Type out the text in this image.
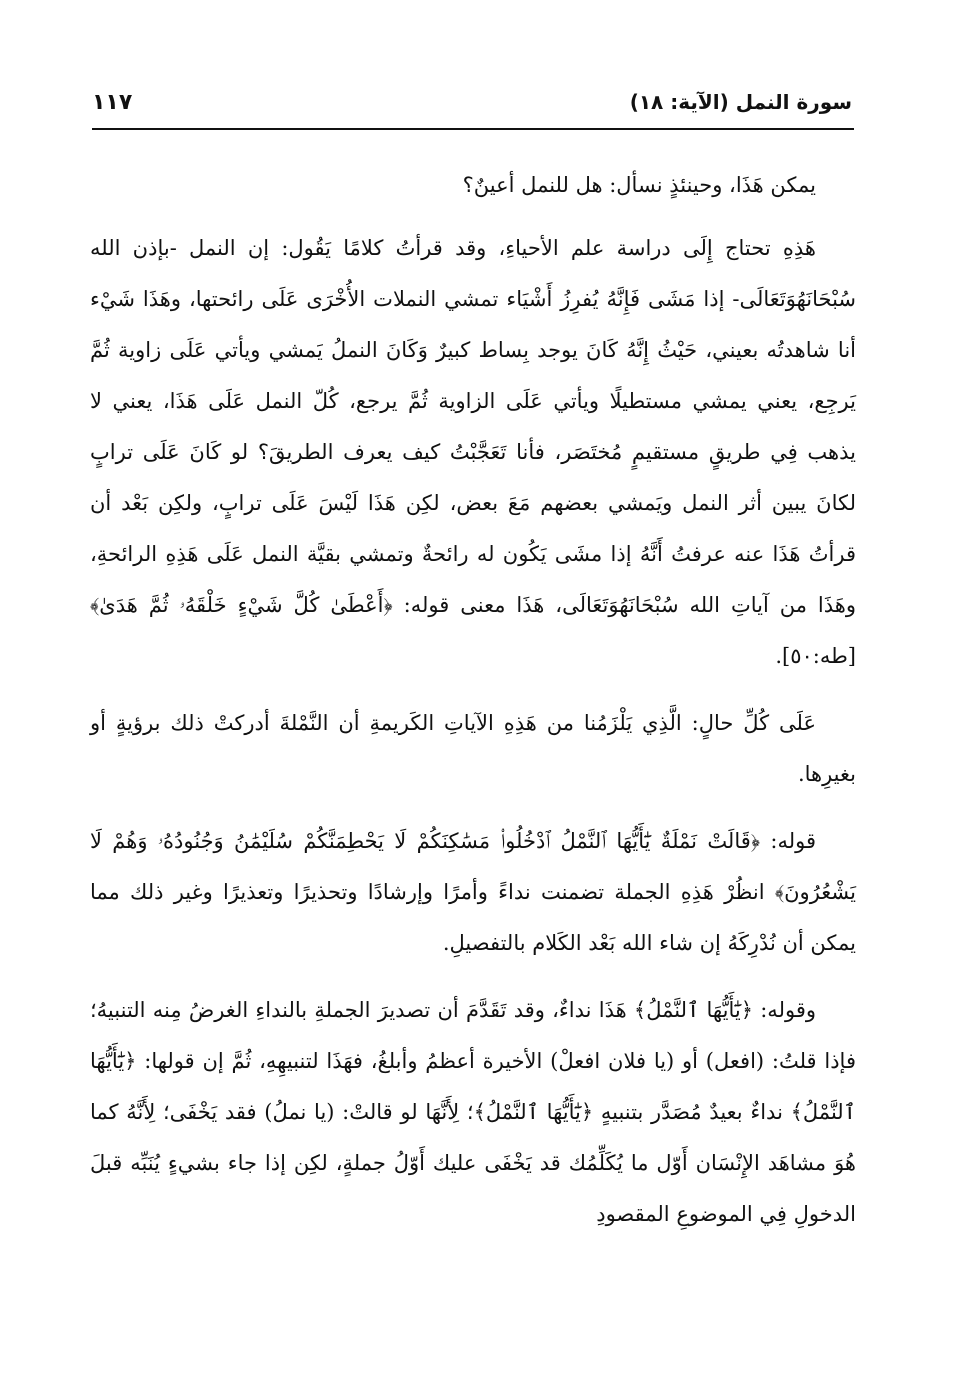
سورة النمل (الآية: ١٨)
١١٧

يمكن هَذَا، وحينئذٍ نسأل: هل للنمل أعينٌ؟

هَذِهِ تحتاج إِلَى دراسة علم الأحياءِ، وقد قرأتُ كلامًا يَقُول: إن النمل -بإذن الله سُبْحَانَهُوَتَعَالَى- إذا مَشَى فَإِنَّهُ يُفرِزُ أَشْيَاء تمشي النملات الأُخْرَى عَلَى رائحتها، وهَذَا شَيْء أنا شاهدتُه بعيني، حَيْثُ إِنَّهُ كَانَ يوجد بِساط كبيرٌ وَكَانَ النملُ يَمشي ويأتي عَلَى زاوية ثُمَّ يَرجِع، يعني يمشي مستطيلًا ويأتي عَلَى الزاوية ثُمَّ يرجع، كُلّ النمل عَلَى هَذَا، يعني لا يذهب فِي طريقٍ مستقيمٍ مُختَصَر، فأنا تَعَجَّبْتُ كيف يعرف الطريقَ؟ لو كَانَ عَلَى ترابٍ لكانَ يبين أثر النمل ويَمشي بعضهم مَعَ بعض، لكِن هَذَا لَيْسَ عَلَى ترابٍ، ولكِن بَعْد أن قرأتُ هَذَا عنه عرفتُ أَنَّهُ إذا مشَى يَكُون له رائحةٌ وتمشي بقيَّة النمل عَلَى هَذِهِ الرائحةِ، وهَذَا من آياتِ الله سُبْحَانَهُوَتَعَالَى، هَذَا معنى قوله: ﴿أَعْطَىٰ كُلَّ شَيْءٍ خَلْقَهُۥ ثُمَّ هَدَىٰ﴾ [طه:٥٠].

عَلَى كُلِّ حالٍ: الَّذِي يَلْزَمُنا من هَذِهِ الآياتِ الكَريمةِ أن النَّمْلةَ أدركتْ ذلك برؤيةٍ أو بغيرِها.

قوله: ﴿قَالَتْ نَمْلَةٌ يَٰٓأَيُّهَا ٱلنَّمْلُ ٱدْخُلُوا۟ مَسَٰكِنَكُمْ لَا يَحْطِمَنَّكُمْ سُلَيْمَٰنُ وَجُنُودُهُۥ وَهُمْ لَا يَشْعُرُونَ﴾ انظُرْ هَذِهِ الجملة تضمنت نداءً وأمرًا وإرشادًا وتحذيرًا وتعذيرًا وغير ذلك مما يمكن أن نُدْرِكَهُ إن شاء الله بَعْد الكَلام بالتفصيلِ.

وقوله: ﴿يَٰٓأَيُّهَا ٱلنَّمْلُ﴾ هَذَا نداءٌ، وقد تَقَدَّمَ أن تصديرَ الجملةِ بالنداءِ الغرضُ مِنه التنبيهُ؛ فإذا قلتُ: (افعل) أو (يا فلان افعلْ) الأخيرة أعظمُ وأبلغُ، فهَذَا لتنبيهِهِ، ثُمَّ إن قولها: ﴿يَٰٓأَيُّهَا ٱلنَّمْلُ﴾ نداءٌ بعيدٌ مُصَدَّر بتنبيهٍ ﴿يَٰٓأَيُّهَا ٱلنَّمْلُ﴾؛ لِأَنَّهَا لو قالتْ: (يا نملُ) فقد يَخْفَى؛ لِأَنَّهُ كما هُوَ مشاهَد الإِنْسَان أَوّل ما يُكَلِّمُك قد يَخْفَى عليك أَوّلُ جملةٍ، لكِن إذا جاء بشيءٍ يُنَبِّه قبلَ الدخولِ فِي الموضوعِ المقصودِ
